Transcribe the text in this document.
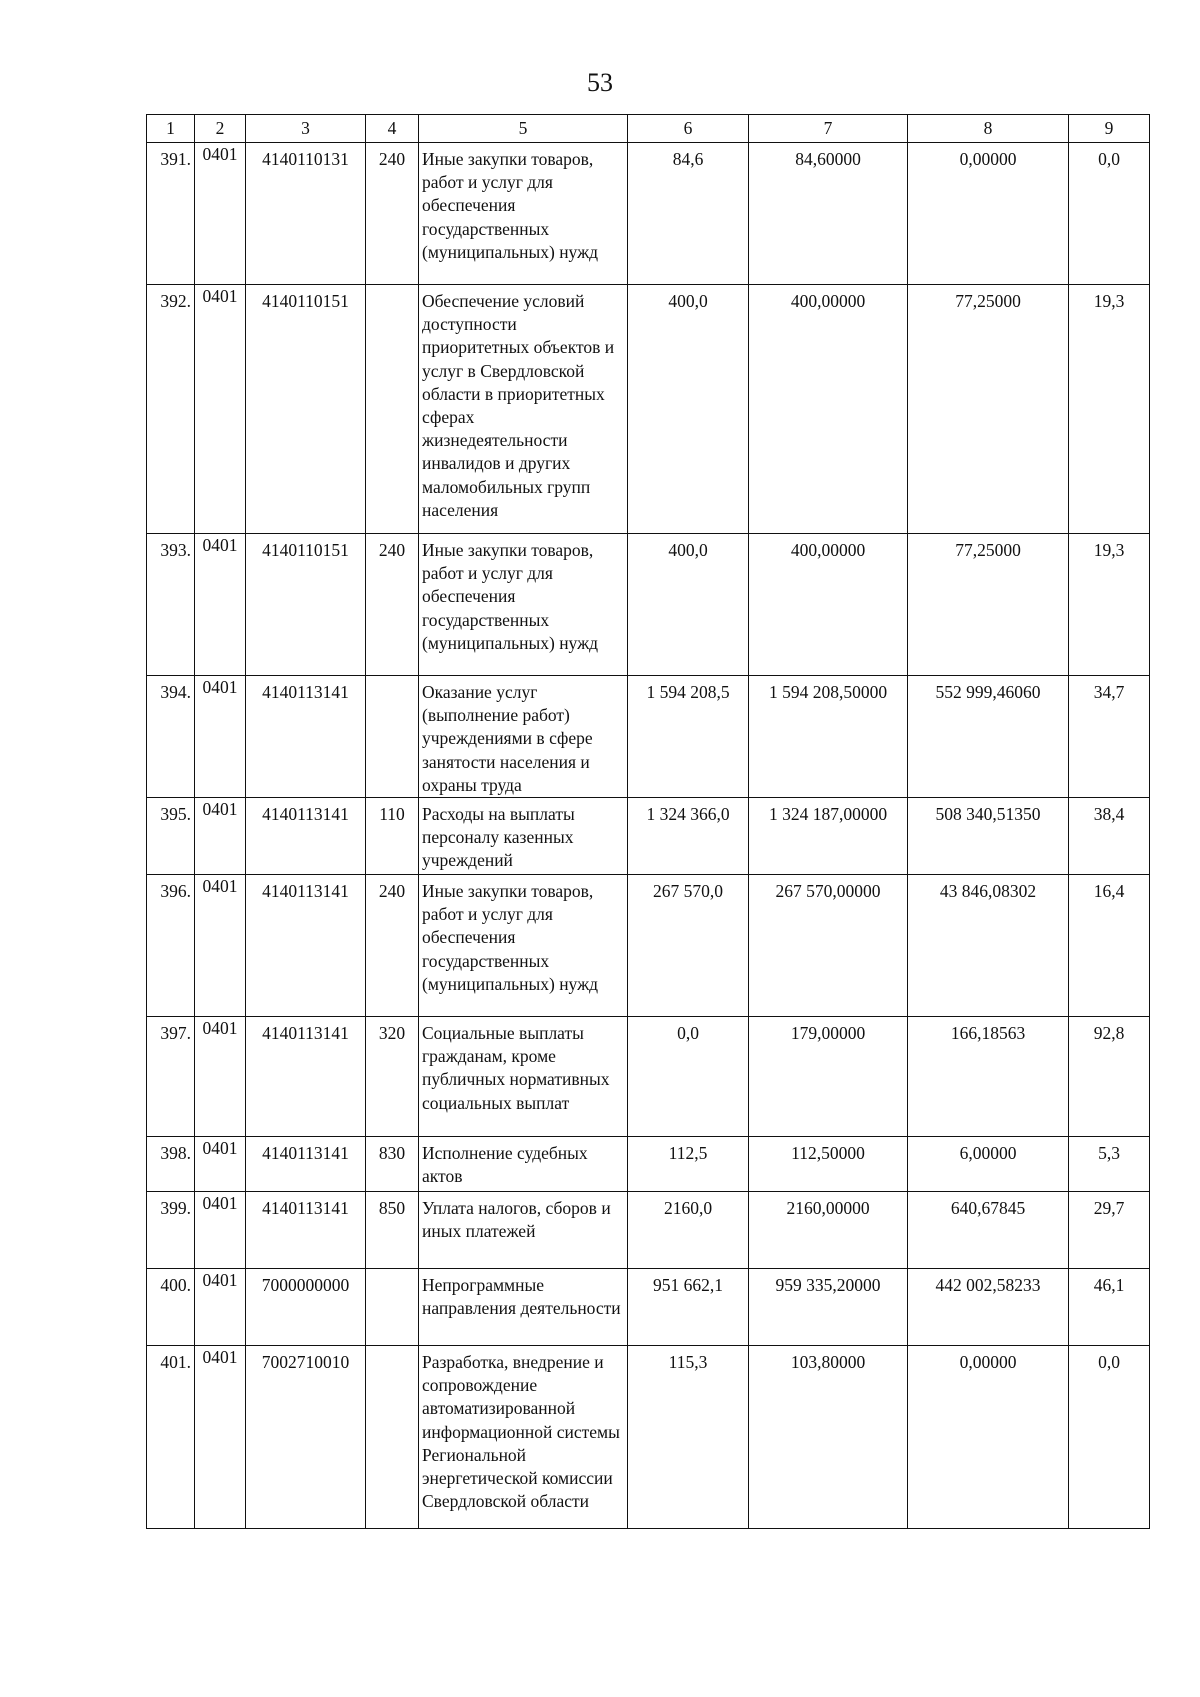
53
1	2	3	4	5	6	7	8	9
391.	0401	4140110131	240	Иные закупки товаров, работ и услуг для обеспечения государственных (муниципальных) нужд	84,6	84,60000	0,00000	0,0
392.	0401	4140110151		Обеспечение условий доступности приоритетных объектов и услуг в Свердловской области в приоритетных сферах жизнедеятельности инвалидов и других маломобильных групп населения	400,0	400,00000	77,25000	19,3
393.	0401	4140110151	240	Иные закупки товаров, работ и услуг для обеспечения государственных (муниципальных) нужд	400,0	400,00000	77,25000	19,3
394.	0401	4140113141		Оказание услуг (выполнение работ) учреждениями в сфере занятости населения и охраны труда	1 594 208,5	1 594 208,50000	552 999,46060	34,7
395.	0401	4140113141	110	Расходы на выплаты персоналу казенных учреждений	1 324 366,0	1 324 187,00000	508 340,51350	38,4
396.	0401	4140113141	240	Иные закупки товаров, работ и услуг для обеспечения государственных (муниципальных) нужд	267 570,0	267 570,00000	43 846,08302	16,4
397.	0401	4140113141	320	Социальные выплаты гражданам, кроме публичных нормативных социальных выплат	0,0	179,00000	166,18563	92,8
398.	0401	4140113141	830	Исполнение судебных актов	112,5	112,50000	6,00000	5,3
399.	0401	4140113141	850	Уплата налогов, сборов и иных платежей	2160,0	2160,00000	640,67845	29,7
400.	0401	7000000000		Непрограммные направления деятельности	951 662,1	959 335,20000	442 002,58233	46,1
401.	0401	7002710010		Разработка, внедрение и сопровождение автоматизированной информационной системы Региональной энергетической комиссии Свердловской области	115,3	103,80000	0,00000	0,0
